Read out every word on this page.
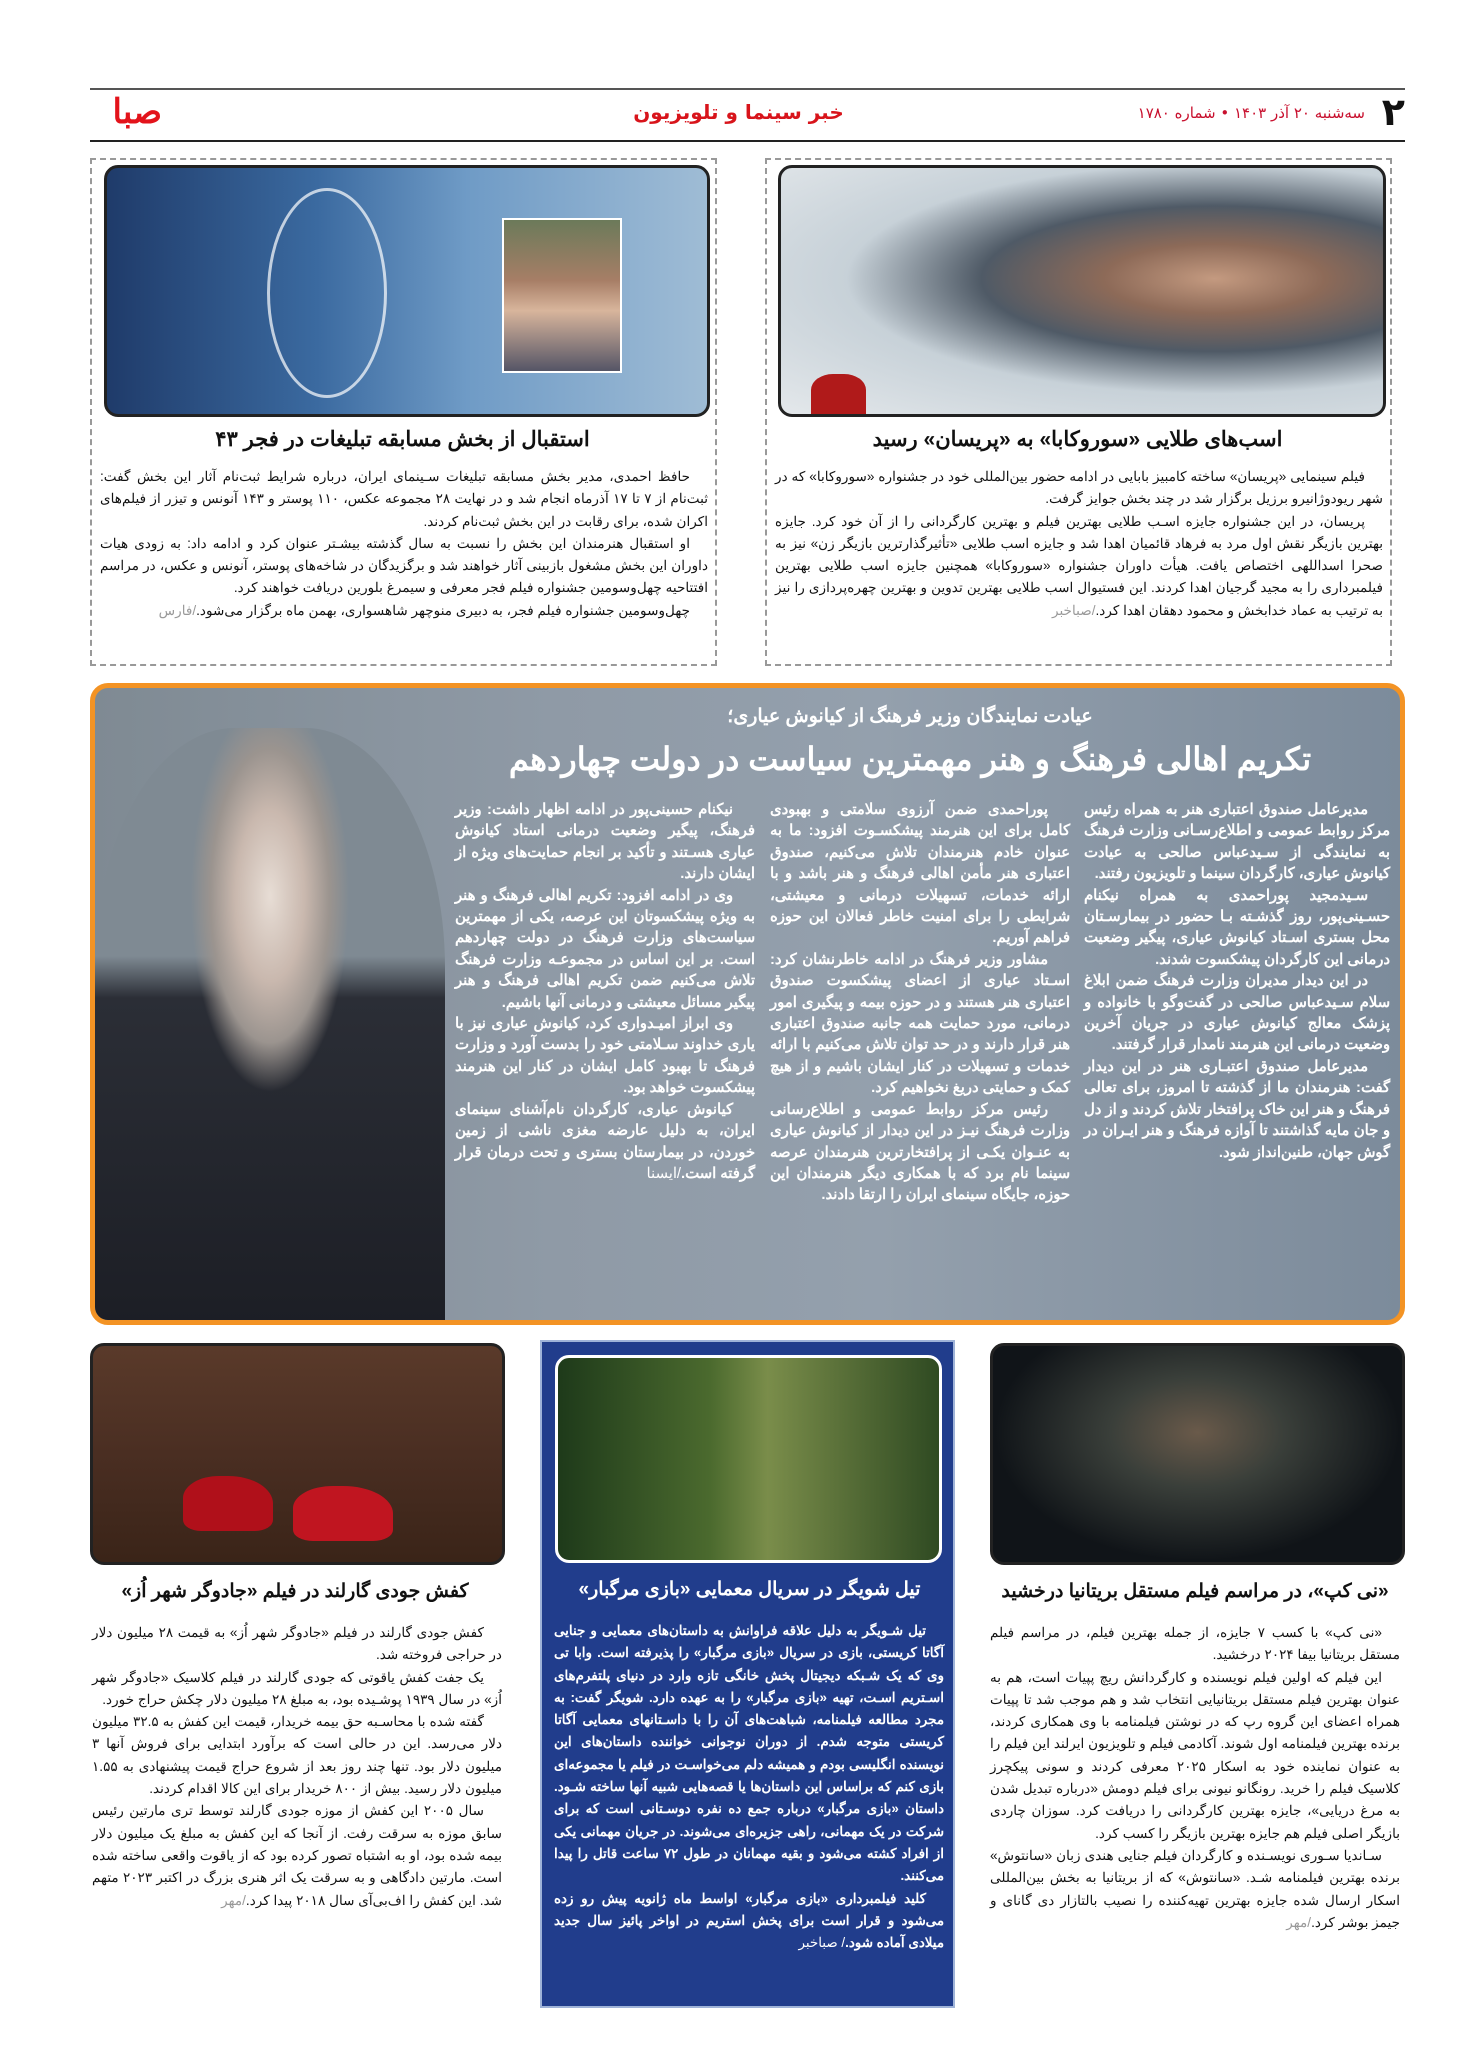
۲
سه‌شنبه ۲۰ آذر ۱۴۰۳ • شماره ۱۷۸۰
خبر سینما و تلویزیون
صبا
اسب‌های طلایی «سوروکابا» به «پریسان» رسید

فیلم سینمایی «پریسان» ساخته کامبیز بابایی در ادامه حضور بین‌المللی خود در جشنواره «سوروکابا» که در شهر ریودوژانیرو برزیل برگزار شد در چند بخش جوایز گرفت.

پریسان، در این جشنواره جایزه اسـب طلایی بهترین فیلم و بهترین کارگردانی را از آن خود کرد. جایزه بهترین بازیگر نقش اول مرد به فرهاد قائمیان اهدا شد و جایزه اسب طلایی «تأثیرگذارترین بازیگر زن» نیز به صحرا اسداللهی اختصاص یافت. هیأت داوران جشنواره «سوروکابا» همچنین جایزه اسب طلایی بهترین فیلمبرداری را به مجید گرجیان اهدا کردند. این فستیوال اسب طلایی بهترین تدوین و بهترین چهره‌پردازی را نیز به ترتیب به عماد خدابخش و محمود دهقان اهدا کرد./صباخبر

استقبال از بخش مسابقه تبلیغات در فجر ۴۳

حافظ احمدی، مدیر بخش مسابقه تبلیغات سـینمای ایران، درباره شرایط ثبت‌نام آثار این بخش گفت: ثبت‌نام از ۷ تا ۱۷ آذرماه انجام شد و در نهایت ۲۸ مجموعه عکس، ۱۱۰ پوستر و ۱۴۳ آنونس و تیزر از فیلم‌های اکران شده، برای رقابت در این بخش ثبت‌نام کردند.

او استقبال هنرمندان این بخش را نسبت به سال گذشته بیشـتر عنوان کرد و ادامه داد: به زودی هیات داوران این بخش مشغول بازبینی آثار خواهند شد و برگزیدگان در شاخه‌های پوستر، آنونس و عکس، در مراسم افتتاحیه چهل‌وسومین جشنواره فیلم فجر معرفی و سیمرغ بلورین دریافت خواهند کرد.

چهل‌وسومین جشنواره فیلم فجر، به دبیری منوچهر شاهسواری، بهمن ماه برگزار می‌شود./فارس

عیادت نمایندگان وزیر فرهنگ از کیانوش عیاری؛
تکریم اهالی فرهنگ و هنر مهمترین سیاست در دولت چهاردهم

مدیرعامل صندوق اعتباری هنر به همراه رئیس مرکز روابط عمومی و اطلاع‌رسـانی وزارت فرهنگ به نمایندگی از سـیدعباس صالحی به عیادت کیانوش عیاری، کارگردان سینما و تلویزیون رفتند.

سـیدمجید پوراحمدی به همراه نیکنام حسـینی‌پور، روز گذشـته بـا حضور در بیمارسـتان محل بستری اسـتاد کیانوش عیاری، پیگیر وضعیت درمانی این کارگردان پیشکسوت شدند.

در این دیدار مدیران وزارت فرهنگ ضمن ابلاغ سلام سـیدعباس صالحی در گفت‌وگو با خانواده و پزشک معالج کیانوش عیاری در جریان آخرین وضعیت درمانی این هنرمند نامدار قرار گرفتند.

مدیرعامل صندوق اعتبـاری هنر در این دیدار گفت: هنرمندان ما از گذشته تا امروز، برای تعالی فرهنگ و هنر این خاک پرافتخار تلاش کردند و از دل و جان مایه گذاشتند تا آوازه فرهنگ و هنر ایـران در گوش جهان، طنین‌انداز شود.

پوراحمدی ضمن آرزوی سلامتی و بهبودی کامل برای این هنرمند پیشکسـوت افزود: ما به عنوان خادم هنرمندان تلاش می‌کنیم، صندوق اعتباری هنر مأمن اهالی فرهنگ و هنر باشد و با ارائه خدمات، تسهیلات درمانی و معیشتی، شرایطی را برای امنیت خاطر فعالان این حوزه فراهم آوریم.

مشاور وزیر فرهنگ در ادامه خاطرنشان کرد: اسـتاد عیاری از اعضای پیشکسوت صندوق اعتباری هنر هستند و در حوزه بیمه و پیگیری امور درمانی، مورد حمایت همه جانبه صندوق اعتباری هنر قرار دارند و در حد توان تلاش می‌کنیم با ارائه خدمات و تسهیلات در کنار ایشان باشیم و از هیچ کمک و حمایتی دریغ نخواهیم کرد.

رئیس مرکز روابط عمومی و اطلاع‌رسانی وزارت فرهنگ نیـز در این دیدار از کیانوش عیاری به عنـوان یکـی از پرافتخارترین هنرمندان عرصه سینما نام برد که با همکاری دیگر هنرمندان این حوزه، جایگاه سینمای ایران را ارتقا دادند.

نیکنام حسینی‌پور در ادامه اظهار داشت: وزیر فرهنگ، پیگیر وضعیت درمانی استاد کیانوش عیاری هسـتند و تأکید بر انجام حمایت‌های ویژه از ایشان دارند.

وی در ادامه افزود: تکریم اهالی فرهنگ و هنر به ویژه پیشکسوتان این عرصه، یکی از مهمترین سیاست‌های وزارت فرهنگ در دولت چهاردهم است. بر این اساس در مجموعـه وزارت فرهنگ تلاش می‌کنیم ضمن تکریم اهالی فرهنگ و هنر پیگیر مسائل معیشتی و درمانی آنها باشیم.

وی ابراز امیـدواری کرد، کیانوش عیاری نیز با یاری خداوند سـلامتی خود را بدست آورد و وزارت فرهنگ تا بهبود کامل ایشان در کنار این هنرمند پیشکسوت خواهد بود.

کیانوش عیاری، کارگردان نام‌آشنای سینمای ایران، به دلیل عارضه مغزی ناشی از زمین خوردن، در بیمارستان بستری و تحت درمان قرار گرفته است./ایسنا

«نی کپ»، در مراسم فیلم مستقل بریتانیا درخشید

«نی کپ» با کسب ۷ جایزه، از جمله بهترین فیلم، در مراسم فیلم مستقل بریتانیا بیفا ۲۰۲۴ درخشید.

این فیلم که اولین فیلم نویسنده و کارگردانش ریچ پپیات است، هم به عنوان بهترین فیلم مستقل بریتانیایی انتخاب شد و هم موجب شد تا پپیات همراه اعضای این گروه رپ که در نوشتن فیلمنامه با وی همکاری کردند، برنده بهترین فیلمنامه اول شوند. آکادمی فیلم و تلویزیون ایرلند این فیلم را به عنوان نماینده خود به اسکار ۲۰۲۵ معرفی کردند و سونی پیکچرز کلاسیک فیلم را خرید. رونگانو نیونی برای فیلم دومش «درباره تبدیل شدن به مرغ دریایی»، جایزه بهترین کارگردانی را دریافت کرد. سوزان چاردی بازیگر اصلی فیلم هم جایزه بهترین بازیگر را کسب کرد.

سـاندیا سـوری نویسـنده و کارگردان فیلم جنایی هندی زبان «سانتوش» برنده بهترین فیلمنامه شـد. «سانتوش» که از بریتانیا به بخش بین‌المللی اسکار ارسال شده جایزه بهترین تهیه‌کننده را نصیب بالتازار دی گانای و جیمز بوشر کرد./مهر

تیل شویگر در سریال معمایی «بازی مرگبار»

تیل شـویگر به دلیل علاقه فراوانش به داستان‌های معمایی و جنایی آگاتا کریستی، بازی در سریال «بازی مرگبار» را پذیرفته است. وابا تی وی که یک شـبکه دیجیتال پخش خانگی تازه وارد در دنیای پلتفرم‌های اسـتریم اسـت، تهیه «بازی مرگبار» را به عهده دارد. شویگر گفت: به مجرد مطالعه فیلمنامه، شباهت‌های آن را با داسـتانهای معمایی آگاتا کریستی متوجه شدم. از دوران نوجوانی خواننده داستان‌های این نویسنده انگلیسی بودم و همیشه دلم می‌خواسـت در فیلم یا مجموعه‌ای بازی کنم که براساس این داستان‌ها یا قصه‌هایی شبیه آنها ساخته شـود. داستان «بازی مرگبار» درباره جمع ده نفره دوسـتانی است که برای شرکت در یک مهمانی، راهی جزیره‌ای می‌شوند. در جریان مهمانی یکی از افراد کشته می‌شود و بقیه مهمانان در طول ۷۲ ساعت قاتل را پیدا می‌کنند.

کلید فیلمبرداری «بازی مرگبار» اواسط ماه ژانویه پیش رو زده می‌شود و قرار است برای پخش استریم در اواخر پائیز سال جدید میلادی آماده شود./ صباخبر

کفش جودی گارلند در فیلم «جادوگر شهر اُز»

کفش جودی گارلند در فیلم «جادوگر شهر اُز» به قیمت ۲۸ میلیون دلار در حراجی فروخته شد.

یک جفت کفش یاقوتی که جودی گارلند در فیلم کلاسیک «جادوگر شهر اُز» در سال ۱۹۳۹ پوشـیده بود، به مبلغ ۲۸ میلیون دلار چکش حراج خورد.

گفته شده با محاسـبه حق بیمه خریدار، قیمت این کفش به ۳۲.۵ میلیون دلار می‌رسد. این در حالی است که برآورد ابتدایی برای فروش آنها ۳ میلیون دلار بود. تنها چند روز بعد از شروع حراج قیمت پیشنهادی به ۱.۵۵ میلیون دلار رسید. بیش از ۸۰۰ خریدار برای این کالا اقدام کردند.

سال ۲۰۰۵ این کفش از موزه جودی گارلند توسط تری مارتین رئیس سابق موزه به سرقت رفت. از آنجا که این کفش به مبلغ یک میلیون دلار بیمه شده بود، او به اشتباه تصور کرده بود که از یاقوت واقعی ساخته شده است. مارتین دادگاهی و به سرقت یک اثر هنری بزرگ در اکتبر ۲۰۲۳ متهم شد. این کفش را اف‌بی‌آی سال ۲۰۱۸ پیدا کرد./مهر
